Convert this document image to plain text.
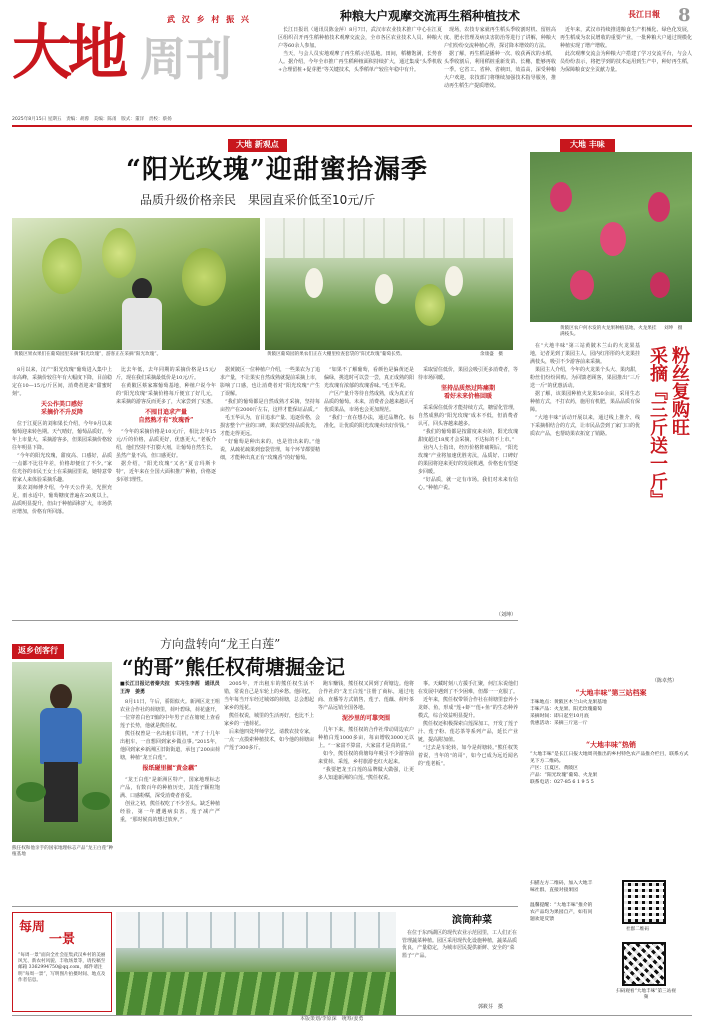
大地 周刊
武 汉 乡 村 振 兴	8
長江日報
2025年8月15日 星期五　责编：胡蓉　美编：陈甬　版式：董洋　责校：蔡扬
种粮大户观摩交流再生稻种植技术

长江日报讯（通讯员陈金萍）8月7日，武汉市农业技术推广中心在江夏区组织召开再生稻种植技术观摩交流会，全市各区农业技术人员、种粮大户等60余人参加。

当天，与会人员实地观摩了再生稻示范基地。田间，稻穗饱满，长势喜人。据介绍，今年全市推广再生稻种植面积持续扩大，通过集成“头季机收+合理留桩+促芽肥”等关键技术，头季稻单产较往年稳中有升。

现场，农技专家就再生稻头季收割时机、留桩高度、肥水管理及病虫害防治等进行了讲解，种粮大户们纷纷交流种植心得，探讨降本增效的方法。

据了解，再生稻是播种一次、收获两次的水稻，头季收割后，利用稻桩重新发苗、长穗，能够再收一季。它省工、省种、省秧田，效益高，深受种粮大户欢迎。农技部门将继续加强技术指导服务，推动再生稻生产提质增效。

近年来，武汉市持续推进粮食生产机械化、绿色化发展，再生稻成为农民增收的重要产业，一批种粮大户通过规模化种植实现了增产增收。

此次观摩交流会为种粮大户搭建了学习交流平台，与会人员纷纷表示，将把学到的技术运用到生产中，种好再生稻，为保障粮食安全贡献力量。

大地 新观点
“阳光玫瑰”迎甜蜜拾漏季
品质升级价格亲民　果园直采价低至10元/斤
黄陂区果农果们在葡萄园里采摘“阳光玫瑰”，游客正在采摘“阳光玫瑰”。	黄陂区葡萄园的果农们正在大棚里检查套袋的“阳光玫瑰”葡萄长势。	余康盛　摄

8月以来，汉产“阳光玫瑰”葡萄进入集中上市高峰，采摘价较往年有大幅度下降，目前稳定在10—15元/斤区间，消费者迎来“甜蜜时刻”。

天公作美口感好
采摘价不升反降

位于江夏区的刘和果长介绍，今年9月以来葡萄迎来转色期。天气晴好，葡萄品质好，今年上市量大，采摘游客多，但果园采摘价格较往年明显下降。

“今年的阳光玫瑰，甜度高、口感好，品质一点都不比往年差，价格却便宜了不少。”家住光谷的市民王女士在采摘园里说，她特意带着家人来体验采摘乐趣。

果农刘师傅介绍，今年天公作美，光照充足，雨水适中，葡萄糖度普遍在20度以上，品质明显提升，但由于种植面积扩大，市场供应增加，价格有所回落。

比去年低，去年同期的采摘价格是15元/斤，现在我们采摘最低价是10元/斤。

在黄陂区蔡家寨葡萄基地，种植户说今年的“阳光玫瑰”采摘价格每斤便宜了好几元，来采摘的游客反而更多了，大家尝到了实惠。

不囤目追求产量
自然熟才有“玫瑰香”

“今年的采摘价格是10元/斤，相比去年15元/斤的价格，品质更好，优惠更大。”老板介绍，他们坚持不打膨大剂，让葡萄自然生长，虽然产量不高，但口感更好。

据介绍，“阳光玫瑰”又名“夏音玛斯卡特”，近年来在全国大面积推广种植，价格逐步回归理性。

据黄陂区一位种植户介绍，一些果农为了追求产量，不让果实自然成熟就提前采摘上市，影响了口感，也让消费者对“阳光玫瑰”产生了误解。

“我们的葡萄都是自然成熟才采摘，坚持每亩控产在2000斤左右，这样才能保证品质。”

毛玉华认为，盲目追求产量、追逐价格，会损害整个产业的口碑，果农要坚持品质优先，才能走得更远。

“好葡萄是种出来的，也是管出来的。”他说，从疏花疏果到套袋管理，每个环节都要精细，才能种出真正有“玫瑰香”的好葡萄。

“如果不了解葡萄，看颜色是偏黄还是偏绿，挑选时可以尝一尝，真正成熟的阳光玫瑰有浓郁的玫瑰香味。”毛玉华说。

产区产量升等待自然成熟，成为真正有品质的葡萄。未来，消费者会越来越认可优质果品，市场也会更加规范。

“我们一直在想办法，通过品牌化、标准化，让优质的阳光玫瑰卖出好价钱。”

采取留住低价，果园会吸引更多消费者，等待市场回暖。

坚持品质然过阵痛期
看好未来价格回暖

采采保住低价才能持续方式，糖留化管理，自然成熟的“阳光玫瑰”成本不低，但消费者认可，回头客越来越多。

“我们的葡萄都是按甜度来卖的，阳光玫瑰甜度超过18度才会采摘，不达标的不上市。”

业内人士指出，经历价格阵痛期后，“阳光玫瑰”产业将加速优胜劣汰，品质好、口碑好的果园将迎来更好的发展机遇，价格也有望逐步回暖。

“好品质，就一定有市场。我们对未来有信心。”种植户说。

（刘坤）
返乡创客行	方向盘转向“龙王白莲”
“的哥”熊任权荷塘掘金记
熊任权和他亲手的国家地理标志产品“龙王白莲”种植基地
■长江日报记者秦夫拉　实习生李茜　通讯员王涛　姜勇

8月11日，午后，骄阳似火。新洲区龙王咀农业合作社的荷塘里，荷叶碧绿，荷花盛开，一位穿着白色T恤的中年男子正在塘埂上查看莲子长势，他就是熊任权。

熊任权曾是一名出租车司机，“开了十几年出租车，一直想回到家乡做点事。”2015年，他回到家乡新洲区旧街街道，承包了200亩荷塘，种植“龙王白莲”。

报纸碰里掘“黄金藕”

“龙王白莲”是新洲区特产，国家地理标志产品，有数百年的种植历史，其莲子颗粒饱满、口感粉糯，深受消费者喜爱。

创业之初，熊任权吃了不少苦头。缺乏种植经验，第一年遭遇病虫害，莲子减产严重，“那时候真的想过放弃。”

2005年，开出租车的熊任权生活不错，常说自己是车轮上的乡愁。他回忆，当年每当开车经过城郊的荷塘，总会想起家乡的莲花。

熊任权说，城里的生活再好，也比不上家乡的一池荷花。

后来他四处拜师学艺，请教农技专家，一点一点摸索种植技术，如今他的荷塘亩产莲子300多斤。

跑车赚钱，熊任权又回到了荷塘边。他将合作社的“龙王白莲”注册了商标，通过电商、直播等方式销售，莲子、莲藕、荷叶茶等产品远销全国各地。

泥沙里的可靠突围

几年下来，熊任权的合作社带动周边农户种植白莲1000多亩，每亩增收3000元以上。“一家富不算富，大家富才是真的富。”

如今，熊任权的荷塘每年吸引不少游客前来赏荷、采莲，乡村旅游也红火起来。

“我要把龙王白莲的品牌做大做强，让更多人知道新洲的白莲。”熊任权说。

事。天藏时刻八方援手汇聚，何江东说他们在发展中遇到了不少困难，但都一一克服了。

近年来，熊任权带领合作社在荷塘里套养小龙虾、鱼，形成“莲+虾”“莲+鱼”的生态种养模式，综合效益明显提升。

熊任权还积极探索白莲深加工，开发了莲子汁、莲子粉、莲芯茶等系列产品，延长产业链，提高附加值。

“过去是车轮转，如今是荷塘转。”熊任权笑着说，当年的“的哥”，如今已成为远近闻名的“莲老板”。

每周
一景
“每周一景”面向全社会征集武汉乡村的美丽风光、新农村风貌、丰收场景等，请投稿至邮箱 3362994750@qq.com，邮件请注明“每周一景”，写明图片拍摄时间、地点及作者信息。
滨筒种菜
在位于东西湖区的现代农业示范园里，工人们正在管理蔬菜种植。园区采用现代化设施种植，蔬菜品质优良，产量稳定，为城市居民提供新鲜、安全的“菜篮子”产品。
郭筱芬　摄
大地 丰味
黄陂区农户何水发的火龙果种植基地，火龙果挂满枝头。
刘坤　摄
粉丝复购旺
采摘『三斤送一斤』

在“大地丰味”第三站黄陂木兰山的火龙果基地，记者见到了果园主人，园内红彤彤的火龙果挂满枝头，吸引不少游客前来采摘。

果园主人介绍，今年的火龙果个头大、果肉甜，粉丝们纷纷回购。为回馈老顾客，果园推出“三斤送一斤”的优惠活动。

据了解，该果园种植火龙果50余亩，采用生态种植方式，不打农药，施用有机肥，果品品质有保障。

“大地丰味”活动开展以来，通过线上推介、线下采摘相结合的方式，让市民品尝到了家门口的优质农产品，也帮助果农拓宽了销路。

（陈卓然）
“大地丰味”第三站档案
丰味地点：黄陂区木兰山火龙果基地
丰味产品：火龙果、阳光玫瑰葡萄
采摘时间：即日起至10月底
优惠活动：采摘三斤送一斤
“大地丰味”热销
“大地丰味”是长江日报大地周刊推出的乡村特色农产品推介栏目，联系方式见下方二维码。
产区：江夏区、黄陂区
产品：“阳光玫瑰”葡萄、火龙果
联系电话：027-85 6 1 9 5 5
扫描左方二维码，加入大地丰味社群，直接对接果园
温馨提醒：“大地丰味”推介的农产品均为果园自产，如有问题欢迎反馈
社群二维码
扫码观看“大地丰味”第三站视频
本版策划/李原深　统筹/姜勇
